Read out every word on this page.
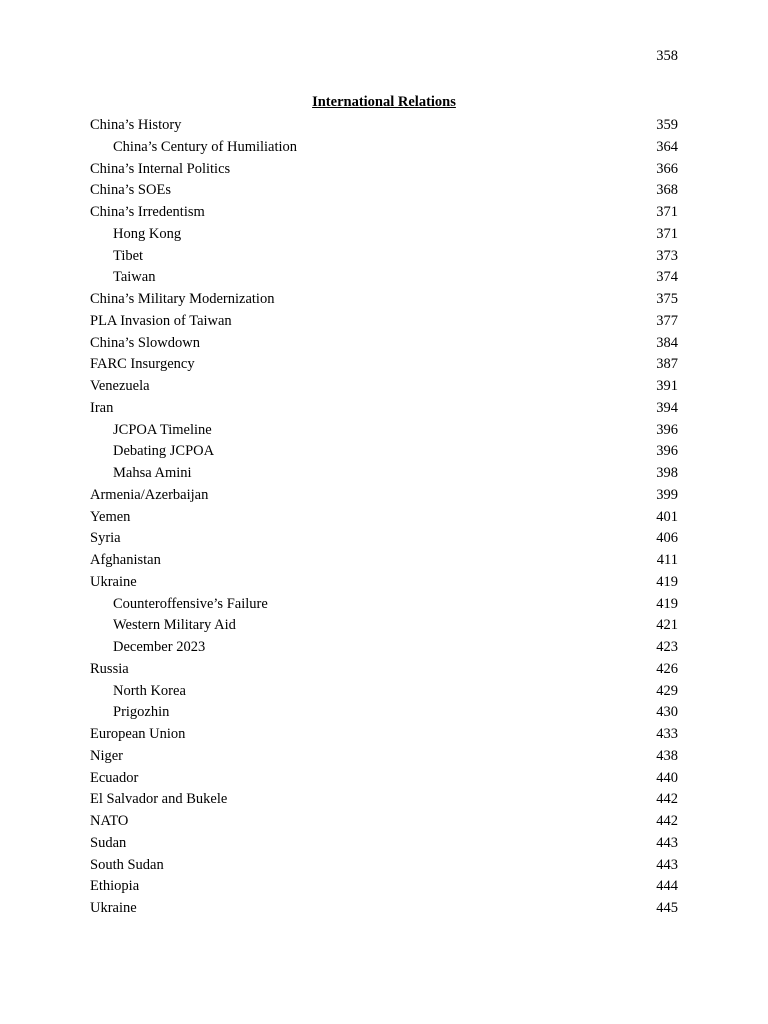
358
International Relations
China’s History	359
China’s Century of Humiliation	364
China’s Internal Politics	366
China’s SOEs	368
China’s Irredentism	371
Hong Kong	371
Tibet	373
Taiwan	374
China’s Military Modernization	375
PLA Invasion of Taiwan	377
China’s Slowdown	384
FARC Insurgency	387
Venezuela	391
Iran	394
JCPOA Timeline	396
Debating JCPOA	396
Mahsa Amini	398
Armenia/Azerbaijan	399
Yemen	401
Syria	406
Afghanistan	411
Ukraine	419
Counteroffensive’s Failure	419
Western Military Aid	421
December 2023	423
Russia	426
North Korea	429
Prigozhin	430
European Union	433
Niger	438
Ecuador	440
El Salvador and Bukele	442
NATO	442
Sudan	443
South Sudan	443
Ethiopia	444
Ukraine	445
